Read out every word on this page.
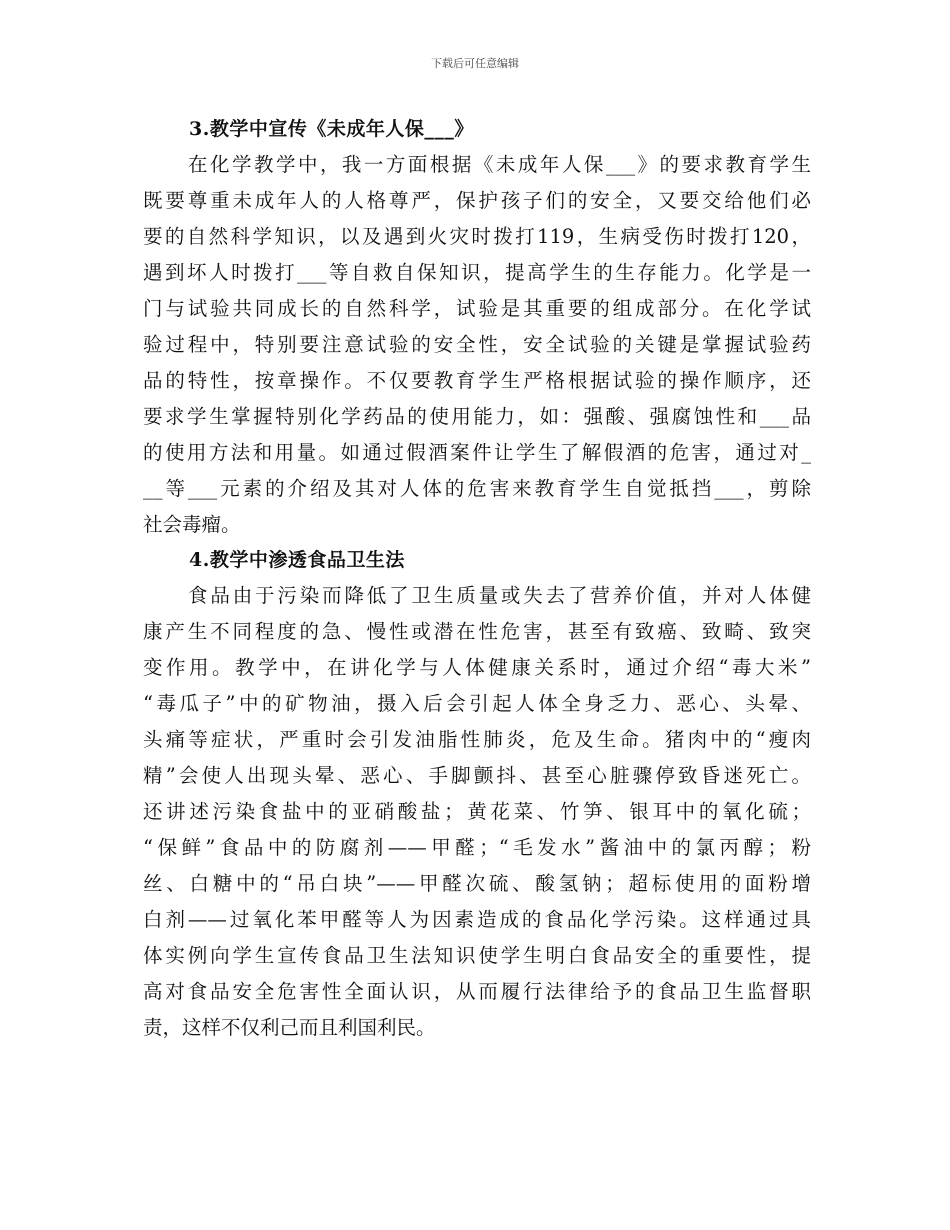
下载后可任意编辑
3.教学中宣传《未成年人保___》
在化学教学中，我一方面根据《未成年人保___》的要求教育学生
既要尊重未成年人的人格尊严，保护孩子们的安全，又要交给他们必
要的自然科学知识，以及遇到火灾时拨打119，生病受伤时拨打120，
遇到坏人时拨打___等自救自保知识，提高学生的生存能力。化学是一
门与试验共同成长的自然科学，试验是其重要的组成部分。在化学试
验过程中，特别要注意试验的安全性，安全试验的关键是掌握试验药
品的特性，按章操作。不仅要教育学生严格根据试验的操作顺序，还
要求学生掌握特别化学药品的使用能力，如：强酸、强腐蚀性和___品
的使用方法和用量。如通过假酒案件让学生了解假酒的危害，通过对_
__等___元素的介绍及其对人体的危害来教育学生自觉抵挡___，剪除
社会毒瘤。
4.教学中渗透食品卫生法
食品由于污染而降低了卫生质量或失去了营养价值，并对人体健
康产生不同程度的急、慢性或潜在性危害，甚至有致癌、致畸、致突
变作用。教学中，在讲化学与人体健康关系时，通过介绍“毒大米”
“毒瓜子”中的矿物油，摄入后会引起人体全身乏力、恶心、头晕、
头痛等症状，严重时会引发油脂性肺炎，危及生命。猪肉中的“瘦肉
精”会使人出现头晕、恶心、手脚颤抖、甚至心脏骤停致昏迷死亡。
还讲述污染食盐中的亚硝酸盐；黄花菜、竹笋、银耳中的氧化硫；
“保鲜”食品中的防腐剂——甲醛；“毛发水”酱油中的氯丙醇；粉
丝、白糖中的“吊白块”——甲醛次硫、酸氢钠；超标使用的面粉增
白剂——过氧化苯甲醛等人为因素造成的食品化学污染。这样通过具
体实例向学生宣传食品卫生法知识使学生明白食品安全的重要性，提
高对食品安全危害性全面认识，从而履行法律给予的食品卫生监督职
责，这样不仅利己而且利国利民。
